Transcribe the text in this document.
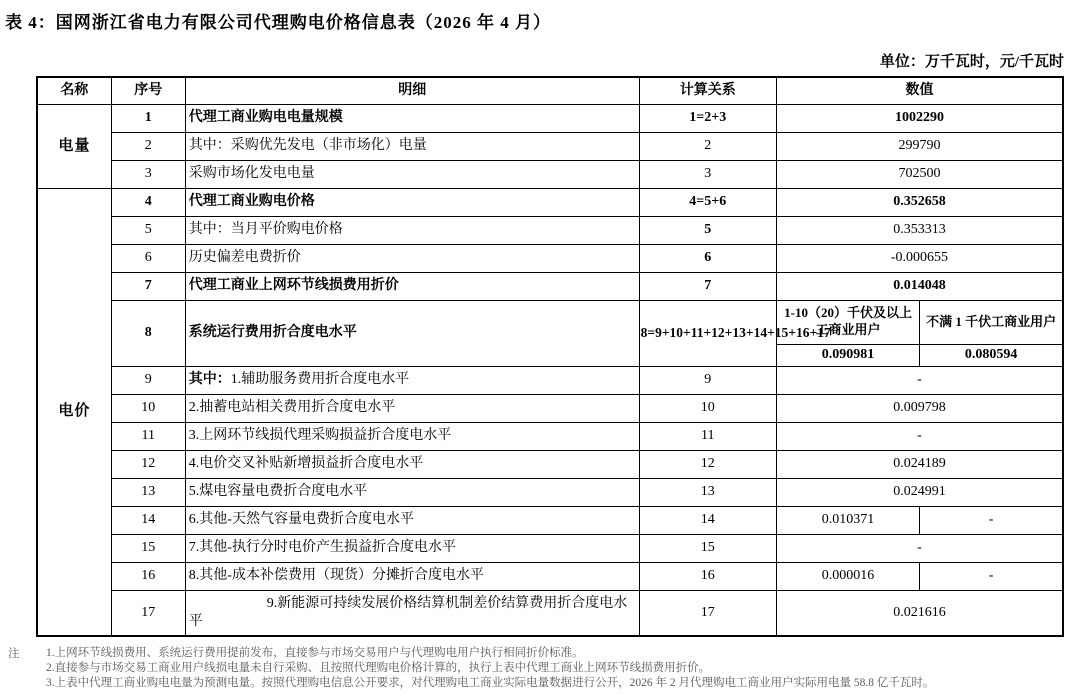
表 4：国网浙江省电力有限公司代理购电价格信息表（2026 年 4 月）
单位：万千瓦时，元/千瓦时
名称	序号	明细	计算关系	数值	
电量	1	代理工商业购电电量规模	1=2+3	1002290	
	2	其中：采购优先发电（非市场化）电量	2	299790	
	3	采购市场化发电电量	3	702500	
电价	4	代理工商业购电价格	4=5+6	0.352658	
	5	其中：当月平价购电价格	5	0.353313	
	6	历史偏差电费折价	6	-0.000655	
	7	代理工商业上网环节线损费用折价	7	0.014048	
	8	系统运行费用折合度电水平	8=9+10+11+12+13+14+15+16+17	1-10（20）千伏及以上工商业用户	不满 1 千伏工商业用户
				0.090981	0.080594
	9	其中：1.辅助服务费用折合度电水平	9	-	
	10	2.抽蓄电站相关费用折合度电水平	10	0.009798	
	11	3.上网环节线损代理采购损益折合度电水平	11	-	
	12	4.电价交叉补贴新增损益折合度电水平	12	0.024189	
	13	5.煤电容量电费折合度电水平	13	0.024991	
	14	6.其他-天然气容量电费折合度电水平	14	0.010371	-
	15	7.其他-执行分时电价产生损益折合度电水平	15	-	
	16	8.其他-成本补偿费用（现货）分摊折合度电水平	16	0.000016	-
	17	9.新能源可持续发展价格结算机制差价结算费用折合度电水平	17	0.021616	
注 1.上网环节线损费用、系统运行费用提前发布，直接参与市场交易用户与代理购电用户执行相同折价标准。
2.直接参与市场交易工商业用户线损电量未自行采购、且按照代理购电价格计算的，执行上表中代理工商业上网环节线损费用折价。
3.上表中代理工商业购电电量为预测电量。按照代理购电信息公开要求，对代理购电工商业实际电量数据进行公开，2026 年 2 月代理购电工商业用户实际用电量 58.8 亿千瓦时。
